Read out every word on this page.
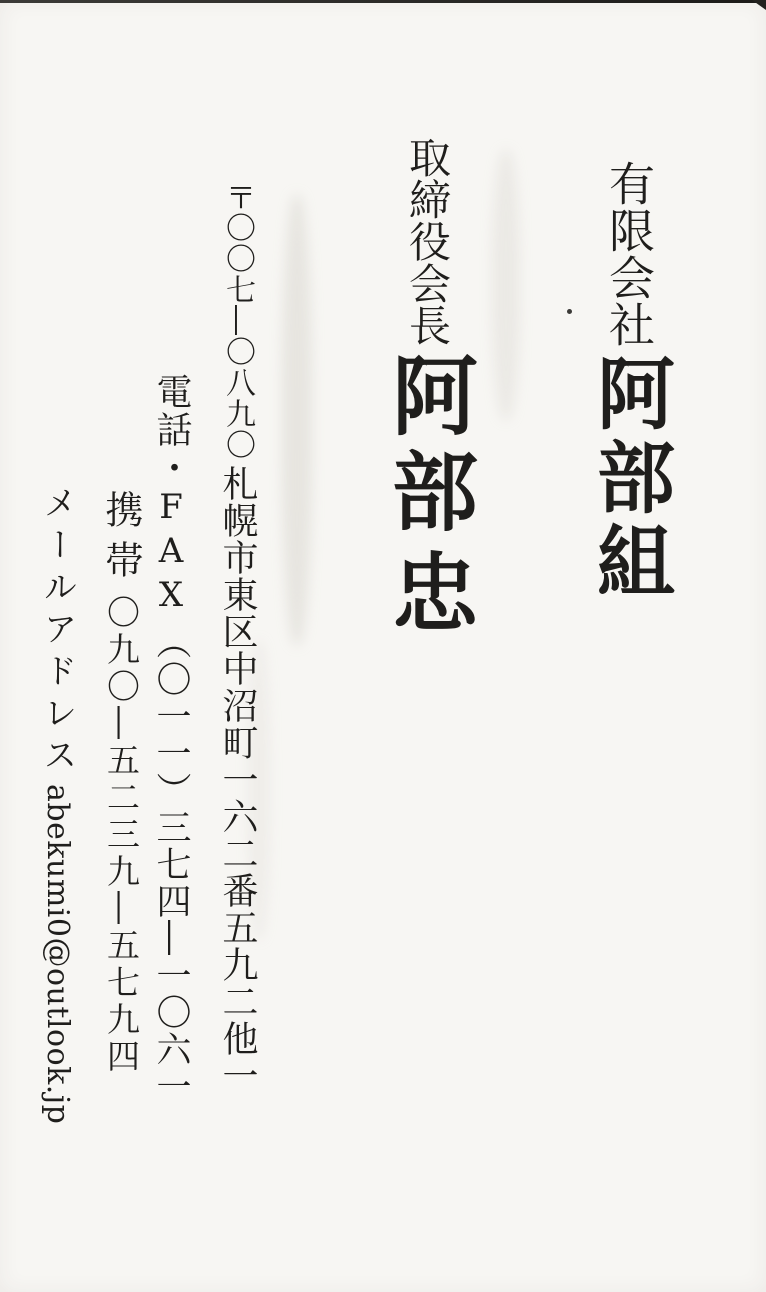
有限会社 阿部組
取締役会長 阿部 忠
〒〇〇七―〇八九〇 札幌市東区中沼町一六二番五九二他一
電話・FAX （〇一一）三七四―一〇六一
携帯 〇九〇―五二三九―五七九四
メールアドレス abekumi0@outlook.jp
